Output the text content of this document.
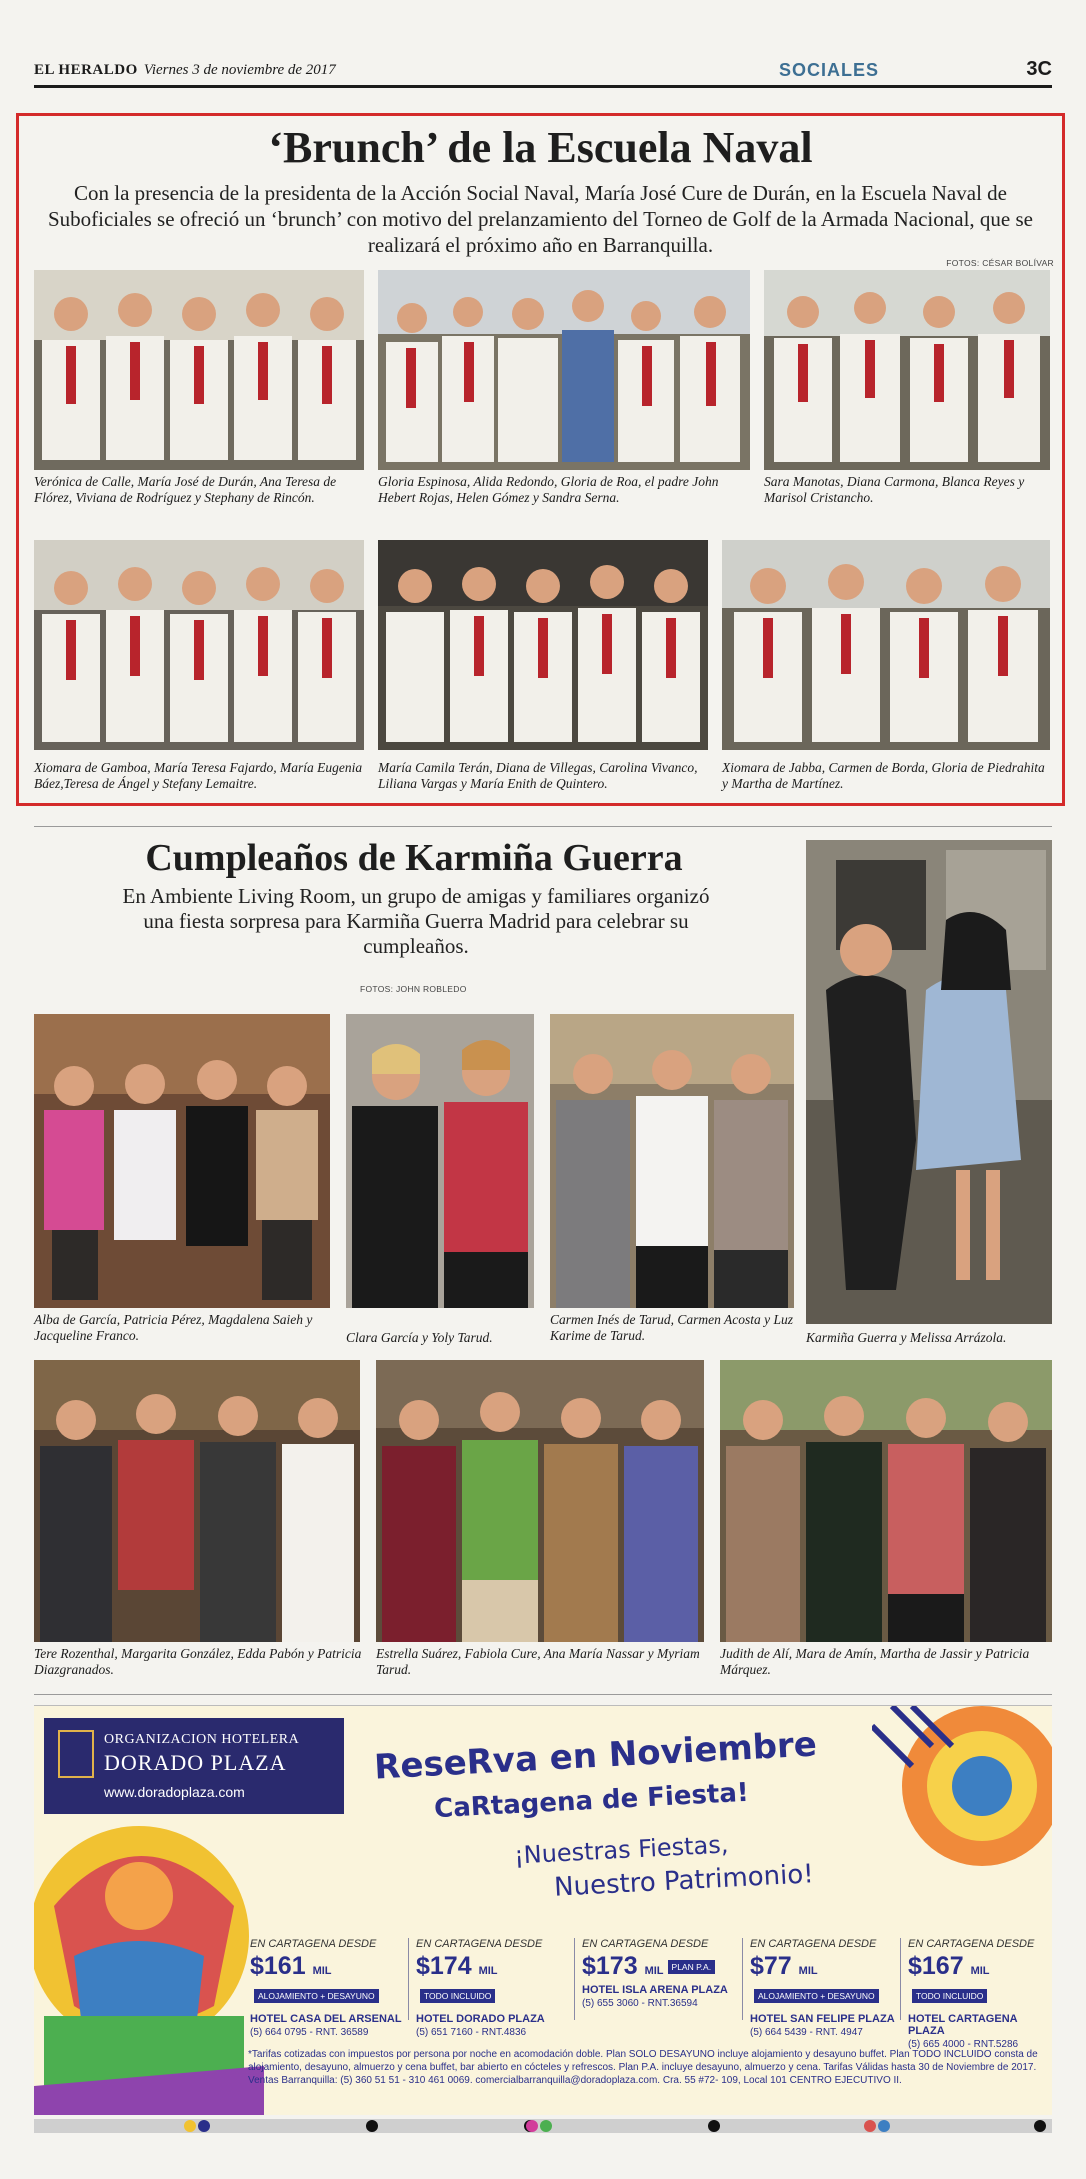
EL HERALDO Viernes 3 de noviembre de 2017	SOCIALES	3C
‘Brunch’ de la Escuela Naval
Con la presencia de la presidenta de la Acción Social Naval, María José Cure de Durán, en la Escuela Naval de Suboficiales se ofreció un ‘brunch’ con motivo del prelanzamiento del Torneo de Golf de la Armada Nacional, que se realizará el próximo año en Barranquilla.
FOTOS: CÉSAR BOLÍVAR
Verónica de Calle, María José de Durán, Ana Teresa de Flórez, Viviana de Rodríguez y Stephany de Rincón.
Gloria Espinosa, Alida Redondo, Gloria de Roa, el padre John Hebert Rojas, Helen Gómez y Sandra Serna.
Sara Manotas, Diana Carmona, Blanca Reyes y Marisol Cristancho.
Xiomara de Gamboa, María Teresa Fajardo, María Eugenia Báez,Teresa de Ángel y Stefany Lemaitre.
María Camila Terán, Diana de Villegas, Carolina Vivanco, Liliana Vargas y María Enith de Quintero.
Xiomara de Jabba, Carmen de Borda, Gloria de Piedrahita y Martha de Martínez.
Cumpleaños de Karmiña Guerra
En Ambiente Living Room, un grupo de amigas y familiares organizó una fiesta sorpresa para Karmiña Guerra Madrid para celebrar su cumpleaños.
FOTOS: JOHN ROBLEDO
Karmiña Guerra y Melissa Arrázola.
Alba de García, Patricia Pérez, Magdalena Saieh y Jacqueline Franco.	Clara García y Yoly Tarud.
Carmen Inés de Tarud, Carmen Acosta y Luz Karime de Tarud.
Tere Rozenthal, Margarita González, Edda Pabón y Patricia Diazgranados.
Estrella Suárez, Fabiola Cure, Ana María Nassar y Myriam Tarud.
Judith de Alí, Mara de Amín, Martha de Jassir y Patricia Márquez.
ORGANIZACION HOTELERA
DORADO PLAZA
www.doradoplaza.com
ReseRva en Noviembre
CaRtagena de Fiesta!
¡Nuestras Fiestas,
Nuestro Patrimonio!
EN CARTAGENA DESDE
$161 MILALOJAMIENTO + DESAYUNO
HOTEL CASA DEL ARSENAL
(5) 664 0795 - RNT. 36589
EN CARTAGENA DESDE
$174 MILTODO INCLUIDO
HOTEL DORADO PLAZA
(5) 651 7160 - RNT.4836
EN CARTAGENA DESDE
$173 MIL PLAN P.A.
HOTEL ISLA ARENA PLAZA
(5) 655 3060 - RNT.36594
EN CARTAGENA DESDE
$77 MILALOJAMIENTO + DESAYUNO
HOTEL SAN FELIPE PLAZA
(5) 664 5439 - RNT. 4947
EN CARTAGENA DESDE
$167 MILTODO INCLUIDO
HOTEL CARTAGENA PLAZA
(5) 665 4000 - RNT.5286
*Tarifas cotizadas con impuestos por persona por noche en acomodación doble. Plan SOLO DESAYUNO incluye alojamiento y desayuno buffet. Plan TODO INCLUIDO consta de alojamiento, desayuno, almuerzo y cena buffet, bar abierto en cócteles y refrescos. Plan P.A. incluye desayuno, almuerzo y cena. Tarifas Válidas hasta 30 de Noviembre de 2017. Ventas Barranquilla: (5) 360 51 51 - 310 461 0069. comercialbarranquilla@doradoplaza.com. Cra. 55 #72- 109, Local 101 CENTRO EJECUTIVO II.
